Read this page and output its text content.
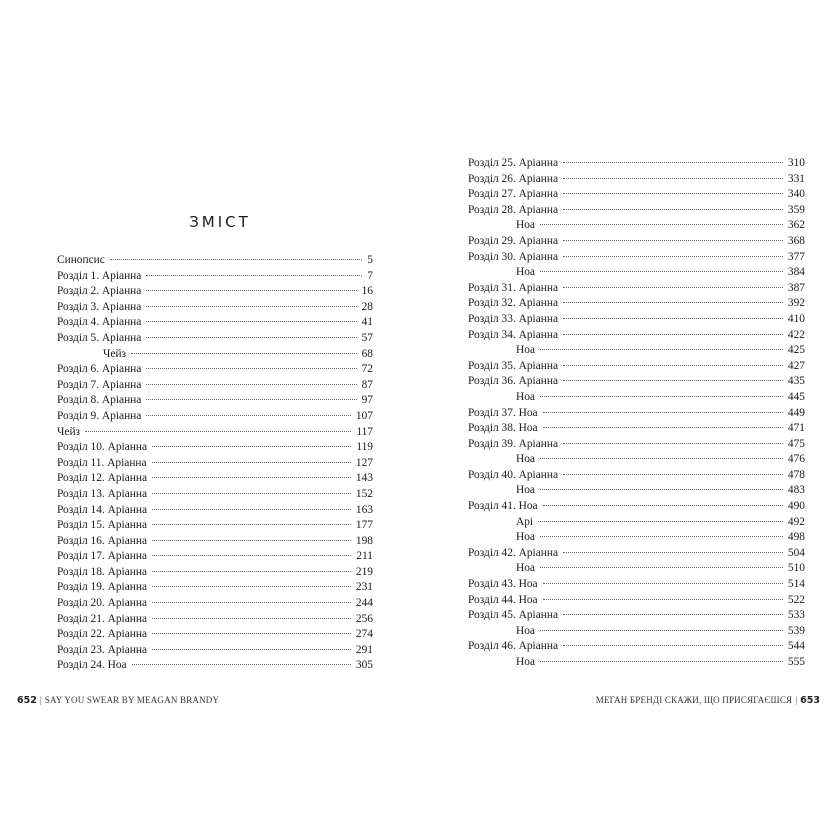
ЗМІСТ
Синопсис	5
Розділ 1. Аріанна	7
Розділ 2. Аріанна	16
Розділ 3. Аріанна	28
Розділ 4. Аріанна	41
Розділ 5. Аріанна	57
Чейз	68
Розділ 6. Аріанна	72
Розділ 7. Аріанна	87
Розділ 8. Аріанна	97
Розділ 9. Аріанна	107
Чейз	117
Розділ 10. Аріанна	119
Розділ 11. Аріанна	127
Розділ 12. Аріанна	143
Розділ 13. Аріанна	152
Розділ 14. Аріанна	163
Розділ 15. Аріанна	177
Розділ 16. Аріанна	198
Розділ 17. Аріанна	211
Розділ 18. Аріанна	219
Розділ 19. Аріанна	231
Розділ 20. Аріанна	244
Розділ 21. Аріанна	256
Розділ 22. Аріанна	274
Розділ 23. Аріанна	291
Розділ 24. Ноа	305
652 | SAY YOU SWEAR BY MEAGAN BRANDY
Розділ 25. Аріанна	310
Розділ 26. Аріанна	331
Розділ 27. Аріанна	340
Розділ 28. Аріанна	359
Ноа	362
Розділ 29. Аріанна	368
Розділ 30. Аріанна	377
Ноа	384
Розділ 31. Аріанна	387
Розділ 32. Аріанна	392
Розділ 33. Аріанна	410
Розділ 34. Аріанна	422
Ноа	425
Розділ 35. Аріанна	427
Розділ 36. Аріанна	435
Ноа	445
Розділ 37. Ноа	449
Розділ 38. Ноа	471
Розділ 39. Аріанна	475
Ноа	476
Розділ 40. Аріанна	478
Ноа	483
Розділ 41. Ноа	490
Арі	492
Ноа	498
Розділ 42. Аріанна	504
Ноа	510
Розділ 43. Ноа	514
Розділ 44. Ноа	522
Розділ 45. Аріанна	533
Ноа	539
Розділ 46. Аріанна	544
Ноа	555
МЕГАН БРЕНДІ СКАЖИ, ЩО ПРИСЯГАЄШСЯ | 653
